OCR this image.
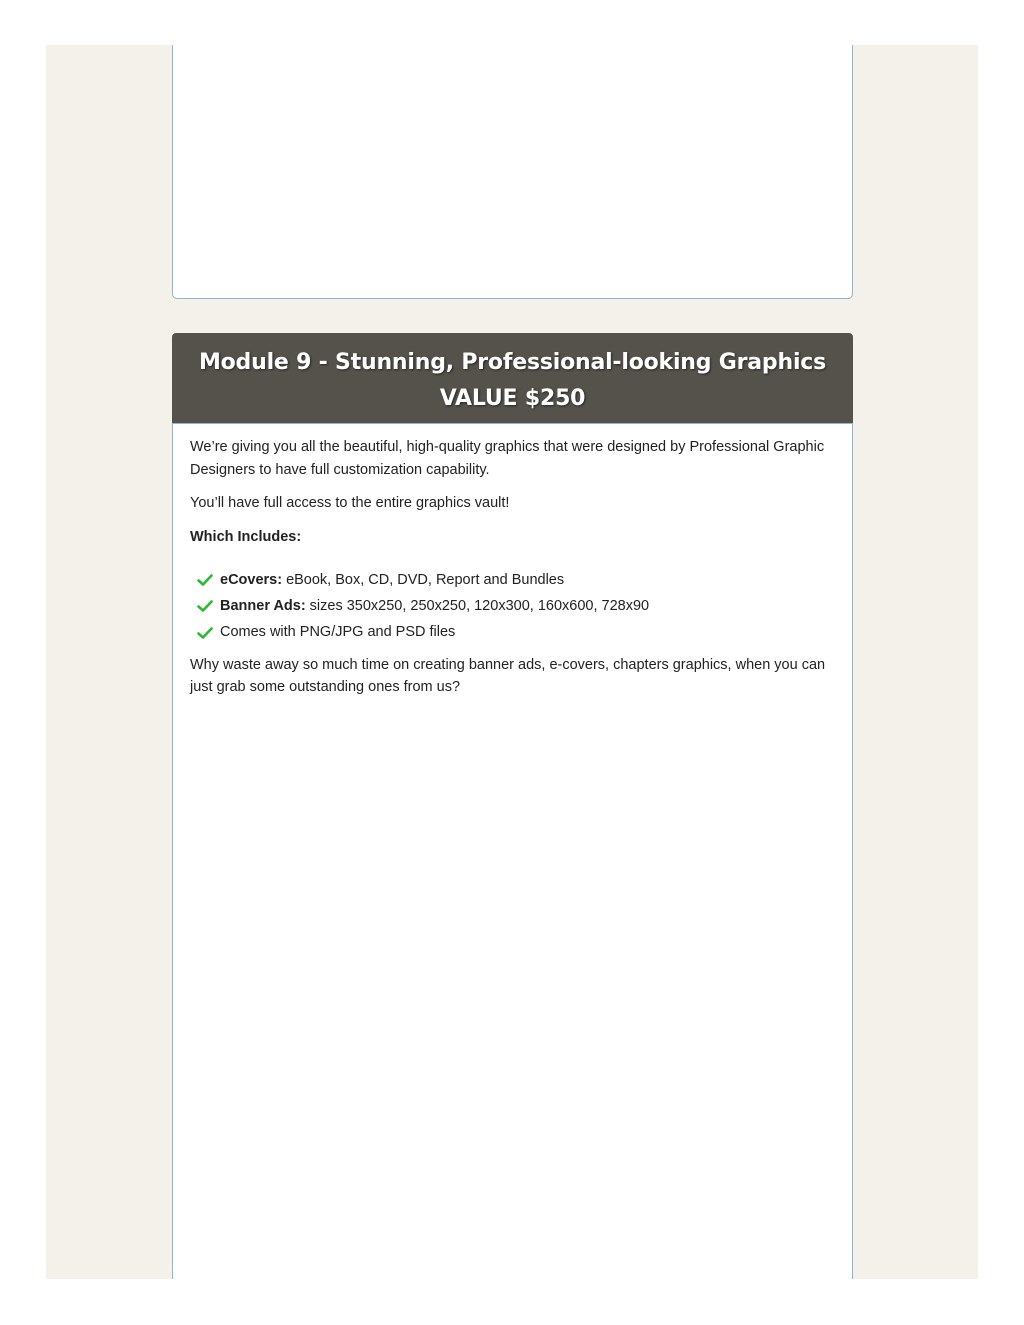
Module 9 - Stunning, Professional-looking Graphics
VALUE $250

We’re giving you all the beautiful, high-quality graphics that were designed by Professional Graphic Designers to have full customization capability.

You’ll have full access to the entire graphics vault!

Which Includes:

eCovers: eBook, Box, CD, DVD, Report and Bundles
Banner Ads: sizes 350x250, 250x250, 120x300, 160x600, 728x90
Comes with PNG/JPG and PSD files

Why waste away so much time on creating banner ads, e-covers, chapters graphics, when you can just grab some outstanding ones from us?
